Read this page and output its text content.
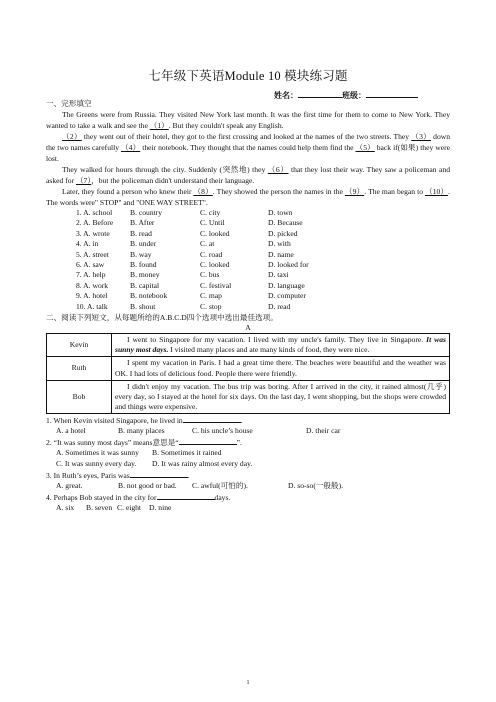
七年级下英语Module 10 模块练习题
姓名：	班级：

一、完形填空

The Greens were from Russia. They visited New York last month. It was the first time for them to come to New York. They wanted to take a walk and see the （1）. But they couldn't speak any English.

（2） they went out of their hotel, they got to the first crossing and looked at the names of the two streets. They （3） down the two names carefully （4） their notebook. They thought that the names could help them find the （5） back if(如果) they were lost.

They walked for hours through the city. Suddenly (突然地) they （6） that they lost their way. They saw a policeman and asked for （7），but the policeman didn't understand their language.

Later, they found a person who knew their （8）. They showed the person the names in the （9）. The man began to （10）. The words were" STOP" and "ONE WAY STREET".

1. A. school	B. country	C. city	D. town
2. A. Before	B. After	C. Until	D. Because
3. A. wrote	B. read	C. looked	D. picked
4. A. in	B. under	C. at	D. with
5. A. street	B. way	C. road	D. name
6. A. saw	B. found	C. looked	D. looked for
7. A. help	B. money	C. bus	D. taxi
8. A. work	B. capital	C. festival	D. language
9. A. hotel	B. notebook	C. map	D. computer
10. A. talk	B. shout	C. stop	D. read

二、阅读下列短文，从每题所给的A.B.C.D四个选项中选出最佳选项。

A
Kevin	I went to Singapore for my vacation. I lived with my uncle's family. They live in Singapore. It was sunny most days. I visited many places and ate many kinds of food, they were nice.
Ruth	I spent my vacation in Paris. I had a great time there. The beaches were beautiful and the weather was OK. I had lots of delicious food. People there were friendly.
Bob	I didn't enjoy my vacation. The bus trip was boring. After I arrived in the city, it rained almost(几乎) every day, so I stayed at the hotel for six days. On the last day, I went shopping, but the shops were crowded and things were expensive.

1. When Kevin visited Singapore, he lived in	.

A. a hotel	B. many places	C. his uncle’s house	D. their car

2. “It was sunny most days” means意思是“	”.

A. Sometimes it was sunny	B. Sometimes it rained
C. It was sunny every day.	D. It was rainy almost every day.

3. In Ruth’s eyes, Paris was	.

A. great.	B. not good or bad.	C. awful(可怕的).	D. so-so(一般般).

4. Perhaps Bob stayed in the city for	days.

A. six	B. seven C. eight	D. nine
1
